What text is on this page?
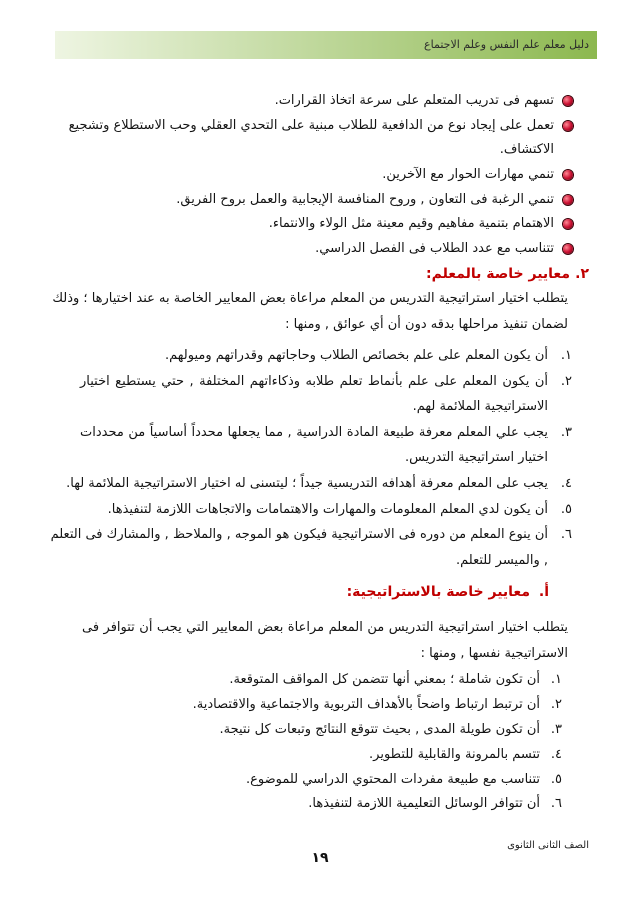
دليل معلم علم النفس وعلم الاجتماع
تسهم فى تدريب المتعلم على سرعة اتخاذ القرارات.
تعمل على إيجاد نوع من الدافعية للطلاب مبنية على التحدي العقلي وحب الاستطلاع وتشجيع
الاكتشاف.
تنمي مهارات الحوار مع الآخرين.
تنمي الرغبة فى التعاون , وروح المنافسة الإيجابية والعمل بروح الفريق.
الاهتمام بتنمية مفاهيم وقيم معينة مثل الولاء والانتماء.
تتناسب مع عدد الطلاب فى الفصل الدراسي.
٢.
معايير خاصة بالمعلم:
يتطلب اختيار استراتيجية التدريس من المعلم مراعاة بعض المعايير الخاصة به عند اختيارها ؛ وذلك
لضمان تنفيذ مراحلها بدقه دون أن أي عوائق , ومنها :
١.
أن يكون المعلم على علم بخصائص الطلاب وحاجاتهم وقدراتهم وميولهم.
٢.
أن يكون المعلم على علم بأنماط تعلم طلابه وذكاءاتهم المختلفة , حتي يستطيع اختيار
الاستراتيجية الملائمة لهم.
٣.
يجب علي المعلم معرفة طبيعة المادة الدراسية , مما يجعلها محدداً أساسياً من محددات
اختيار استراتيجية التدريس.
٤.
يجب على المعلم معرفة أهدافه التدريسية جيداً ؛ ليتسنى له اختيار الاستراتيجية الملائمة لها.
٥.
أن يكون لدي المعلم المعلومات والمهارات والاهتمامات والاتجاهات اللازمة لتنفيذها.
٦.
أن ينوع المعلم من دوره فى الاستراتيجية فيكون هو الموجه , والملاحظ , والمشارك فى التعلم
, والميسر للتعلم.
أ.
معايير خاصة بالاستراتيجية:
يتطلب اختيار استراتيجية التدريس من المعلم مراعاة بعض المعايير التي يجب أن تتوافر فى
الاستراتيجية نفسها , ومنها :
١.
أن تكون شاملة ؛ بمعني أنها تتضمن كل المواقف المتوقعة.
٢.
أن ترتبط ارتباط واضحاً بالأهداف التربوية والاجتماعية والاقتصادية.
٣.
أن تكون طويلة المدى , بحيث تتوقع النتائج وتبعات كل نتيجة.
٤.
تتسم بالمرونة والقابلية للتطوير.
٥.
تتناسب مع طبيعة مفردات المحتوي الدراسي للموضوع.
٦.
أن تتوافر الوسائل التعليمية اللازمة لتنفيذها.
الصف الثانى الثانوى
١٩
